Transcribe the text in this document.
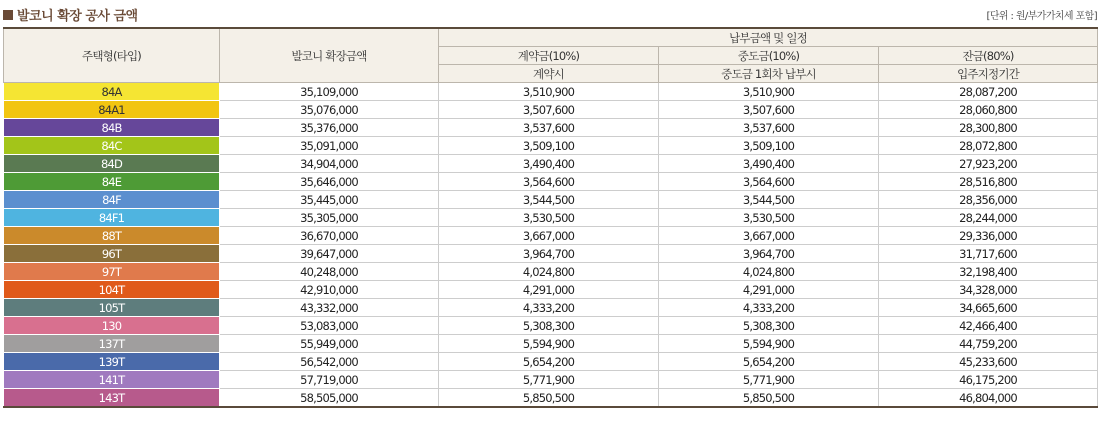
발코니 확장 공사 금액	[단위 : 원/부가가치세 포함]
주택형(타입)	발코니 확장금액	납부금액 및 일정		
		계약금(10%)	중도금(10%)	잔금(80%)
		계약시	중도금 1회차 납부시	입주지정기간
84A	35,109,000	3,510,900	3,510,900	28,087,200
84A1	35,076,000	3,507,600	3,507,600	28,060,800
84B	35,376,000	3,537,600	3,537,600	28,300,800
84C	35,091,000	3,509,100	3,509,100	28,072,800
84D	34,904,000	3,490,400	3,490,400	27,923,200
84E	35,646,000	3,564,600	3,564,600	28,516,800
84F	35,445,000	3,544,500	3,544,500	28,356,000
84F1	35,305,000	3,530,500	3,530,500	28,244,000
88T	36,670,000	3,667,000	3,667,000	29,336,000
96T	39,647,000	3,964,700	3,964,700	31,717,600
97T	40,248,000	4,024,800	4,024,800	32,198,400
104T	42,910,000	4,291,000	4,291,000	34,328,000
105T	43,332,000	4,333,200	4,333,200	34,665,600
130	53,083,000	5,308,300	5,308,300	42,466,400
137T	55,949,000	5,594,900	5,594,900	44,759,200
139T	56,542,000	5,654,200	5,654,200	45,233,600
141T	57,719,000	5,771,900	5,771,900	46,175,200
143T	58,505,000	5,850,500	5,850,500	46,804,000
